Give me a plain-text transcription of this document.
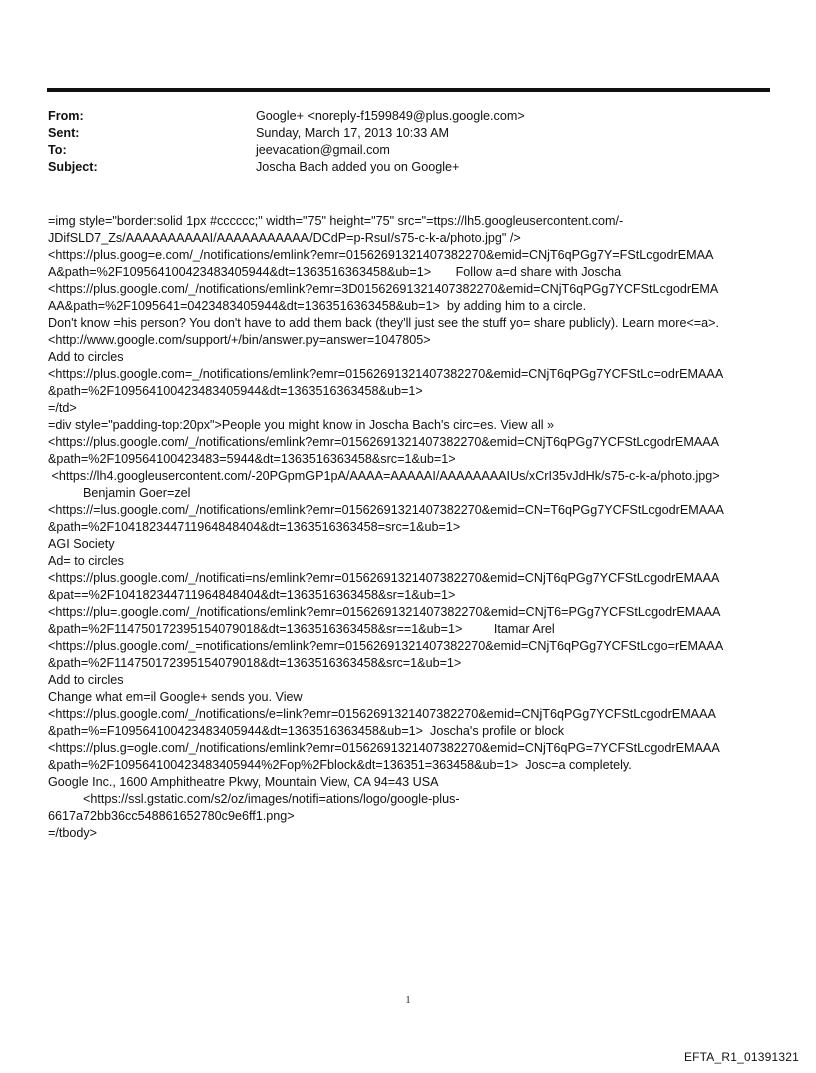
From:	Google+ <noreply-f1599849@plus.google.com>
Sent:	Sunday, March 17, 2013 10:33 AM
To:	jeevacation@gmail.com
Subject:	Joscha Bach added you on Google+
=img style="border:solid 1px #cccccc;" width="75" height="75" src="=ttps://lh5.googleusercontent.com/-
JDifSLD7_Zs/AAAAAAAAAAI/AAAAAAAAAAA/DCdP=p-RsuI/s75-c-k-a/photo.jpg" />
<https://plus.goog=e.com/_/notifications/emlink?emr=01562691321407382270&emid=CNjT6qPGg7Y=FStLcgodrEMAA
A&path=%2F109564100423483405944&dt=1363516363458&ub=1>       Follow a=d share with Joscha
<https://plus.google.com/_/notifications/emlink?emr=3D01562691321407382270&emid=CNjT6qPGg7YCFStLcgodrEMA
AA&path=%2F1095641=0423483405944&dt=1363516363458&ub=1>  by adding him to a circle.
Don't know =his person? You don't have to add them back (they'll just see the stuff yo= share publicly). Learn more<=a>.
<http://www.google.com/support/+/bin/answer.py=answer=1047805>
Add to circles
<https://plus.google.com=_/notifications/emlink?emr=01562691321407382270&emid=CNjT6qPGg7YCFStLc=odrEMAAA
&path=%2F109564100423483405944&dt=1363516363458&ub=1>
=/td>
=div style="padding-top:20px">People you might know in Joscha Bach's circ=es. View all »
<https://plus.google.com/_/notifications/emlink?emr=01562691321407382270&emid=CNjT6qPGg7YCFStLcgodrEMAAA
&path=%2F109564100423483=5944&dt=1363516363458&src=1&ub=1>
<https://lh4.googleusercontent.com/-20PGpmGP1pA/AAAA=AAAAAI/AAAAAAAAIUs/xCrI35vJdHk/s75-c-k-a/photo.jpg>
Benjamin Goer=zel
<https://=lus.google.com/_/notifications/emlink?emr=01562691321407382270&emid=CN=T6qPGg7YCFStLcgodrEMAAA
&path=%2F104182344711964848404&dt=1363516363458=src=1&ub=1>
AGI Society
Ad= to circles
<https://plus.google.com/_/notificati=ns/emlink?emr=01562691321407382270&emid=CNjT6qPGg7YCFStLcgodrEMAAA
&pat==%2F104182344711964848404&dt=1363516363458&sr=1&ub=1>
<https://plu=.google.com/_/notifications/emlink?emr=01562691321407382270&emid=CNjT6=PGg7YCFStLcgodrEMAAA
&path=%2F114750172395154079018&dt=1363516363458&sr==1&ub=1>         Itamar Arel
<https://plus.google.com/_=notifications/emlink?emr=01562691321407382270&emid=CNjT6qPGg7YCFStLcgo=rEMAAA
&path=%2F114750172395154079018&dt=1363516363458&src=1&ub=1>
Add to circles
Change what em=il Google+ sends you. View
<https://plus.google.com/_/notifications/e=link?emr=01562691321407382270&emid=CNjT6qPGg7YCFStLcgodrEMAAA
&path=%=F109564100423483405944&dt=1363516363458&ub=1>  Joscha's profile or block
<https://plus.g=ogle.com/_/notifications/emlink?emr=01562691321407382270&emid=CNjT6qPG=7YCFStLcgodrEMAAA
&path=%2F109564100423483405944%2Fop%2Fblock&dt=136351=363458&ub=1>  Josc=a completely.
Google Inc., 1600 Amphitheatre Pkwy, Mountain View, CA 94=43 USA
<https://ssl.gstatic.com/s2/oz/images/notifi=ations/logo/google-plus-
6617a72bb36cc548861652780c9e6ff1.png>
=/tbody>
1
EFTA_R1_01391321
